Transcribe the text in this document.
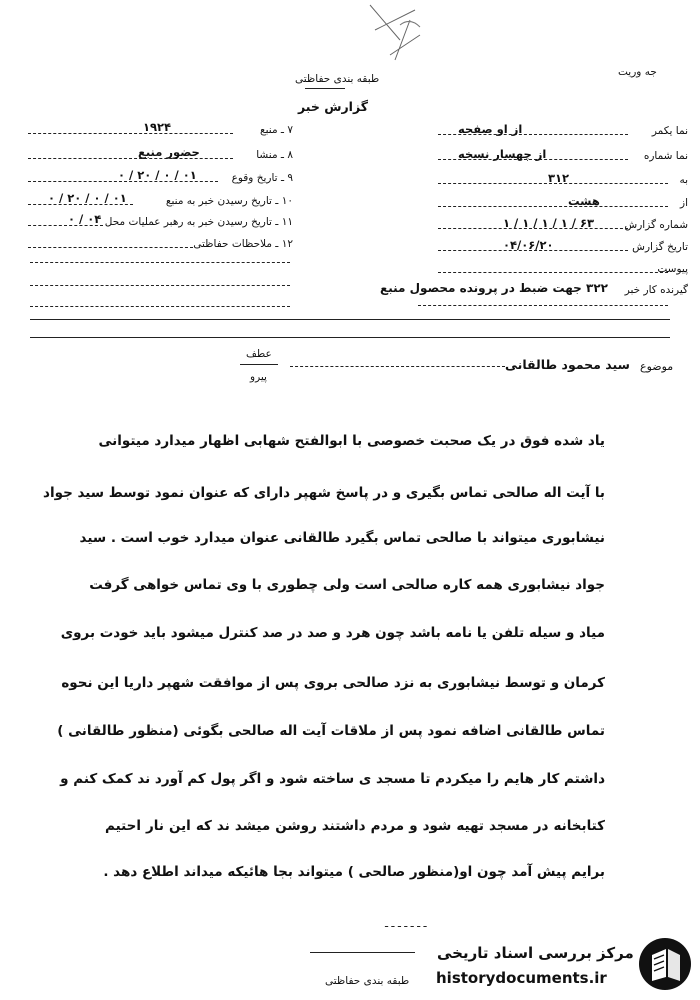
جه وریت
طبقه بندی حفاظتی
گزارش خبر
نما یکمر
از او صفحه
نما شماره
از چهسار نسخه
به
۳۱۲
از
هشت
شماره گزارش
۶۳ / ۱ / ۱ / ۱ / ۱
تاریخ گزارش
۰۴/۰۶/۲۰
پیوست
گیرنده کار خبر
۳۲۲ جهت ضبط در پرونده محصول منبع
۷ ـ منبع
۱۹۲۴
۸ ـ منشا
حضور منبع
۹ ـ تاریخ وقوع
۰۱ / ۰ / ۲۰ / ۰
۱۰ ـ تاریخ رسیدن خبر به منبع
۰۱ / ۰ / ۲۰ / ۰
۱۱ ـ تاریخ رسیدن خبر به رهبر عملیات محل
۰۴ / ۰
۱۲ ـ ملاحظات حفاظتی
عطف
پیرو
موضوع
سید محمود طالقانی
یاد شده فوق در یک صحبت خصوصی با ابوالفتح شهابی اظهار میدارد میتوانی
با آیت اله صالحی تماس بگیری و در پاسخ شهپر دارای که عنوان نمود توسط سید جواد
نیشابوری میتواند با صالحی تماس بگیرد طالقانی عنوان میدارد خوب است . سید
جواد نیشابوری همه کاره صالحی است ولی چطوری با وی تماس خواهی گرفت
میاد و سیله تلفن یا نامه باشد چون هرد و صد در صد کنترل میشود باید خودت بروی
کرمان و توسط نیشابوری به نزد صالحی بروی پس از موافقت شهپر داریا این نحوه
تماس طالقانی اضافه نمود پس از ملاقات آیت اله صالحی بگوئی (منظور طالقانی )
داشتم کار هایم را میکردم تا مسجد ی ساخته شود و اگر پول کم آورد ند کمک کنم و
کتابخانه در مسجد تهیه شود و مردم داشتند روشن میشد ند که این نار احتیم
برایم پیش آمد چون او(منظور صالحی ) میتواند بجا هائیکه میداند اطلاع دهد .
ـ ـ ـ ـ ـ ـ ـ
طبقه بندی حفاظتی
مرکز بررسی اسناد تاریخی
historydocuments.ir
